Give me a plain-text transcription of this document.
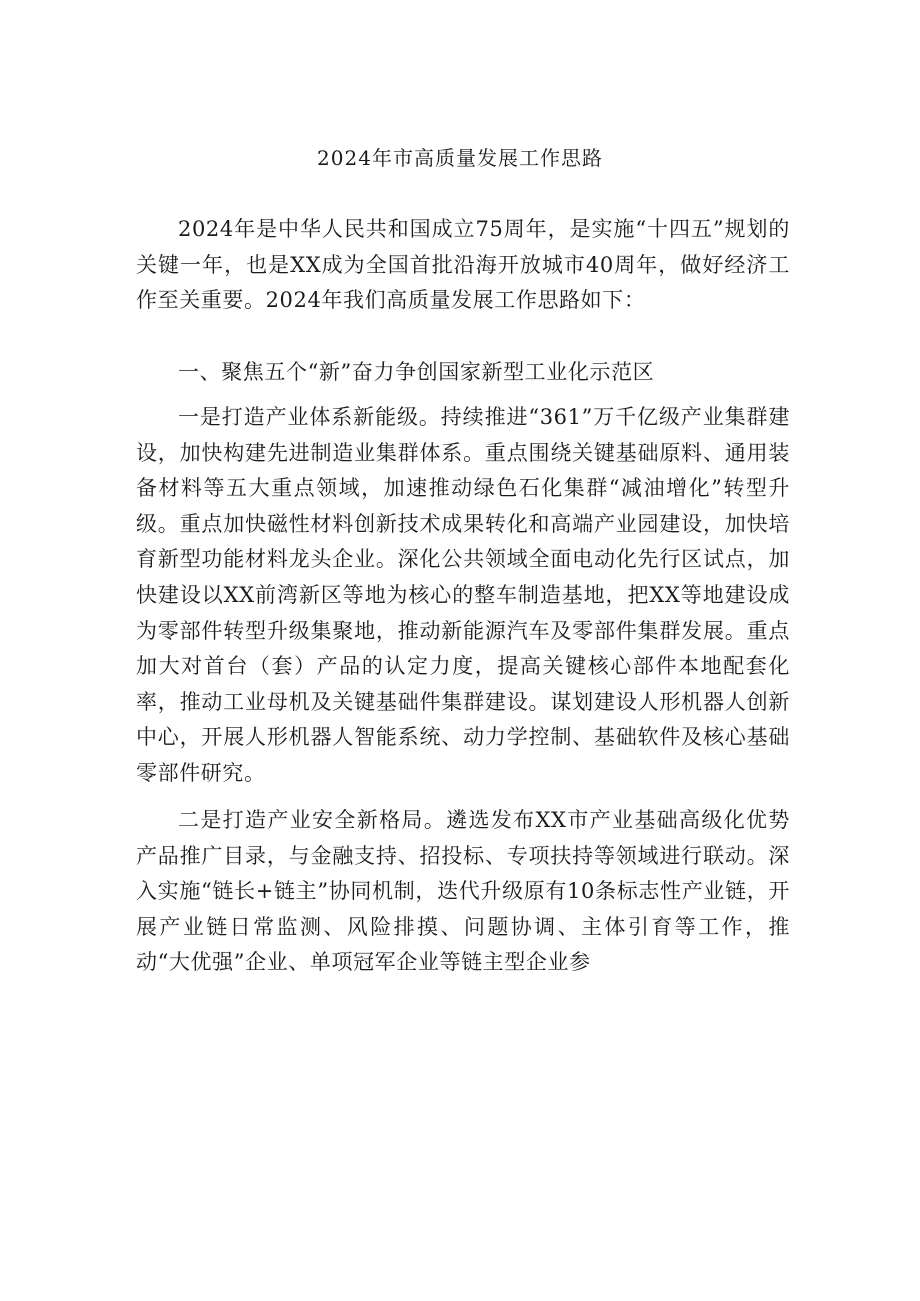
2024年市高质量发展工作思路

2024年是中华人民共和国成立75周年，是实施“十四五”规划的关键一年，也是XX成为全国首批沿海开放城市40周年，做好经济工作至关重要。2024年我们高质量发展工作思路如下：

一、聚焦五个“新”奋力争创国家新型工业化示范区

一是打造产业体系新能级。持续推进“361”万千亿级产业集群建设，加快构建先进制造业集群体系。重点围绕关键基础原料、通用装备材料等五大重点领域，加速推动绿色石化集群“减油增化”转型升级。重点加快磁性材料创新技术成果转化和高端产业园建设，加快培育新型功能材料龙头企业。深化公共领域全面电动化先行区试点，加快建设以XX前湾新区等地为核心的整车制造基地，把XX等地建设成为零部件转型升级集聚地，推动新能源汽车及零部件集群发展。重点加大对首台（套）产品的认定力度，提高关键核心部件本地配套化率，推动工业母机及关键基础件集群建设。谋划建设人形机器人创新中心，开展人形机器人智能系统、动力学控制、基础软件及核心基础零部件研究。

二是打造产业安全新格局。遴选发布XX市产业基础高级化优势产品推广目录，与金融支持、招投标、专项扶持等领域进行联动。深入实施“链长+链主”协同机制，迭代升级原有10条标志性产业链，开展产业链日常监测、风险排摸、问题协调、主体引育等工作，推动“大优强”企业、单项冠军企业等链主型企业参
